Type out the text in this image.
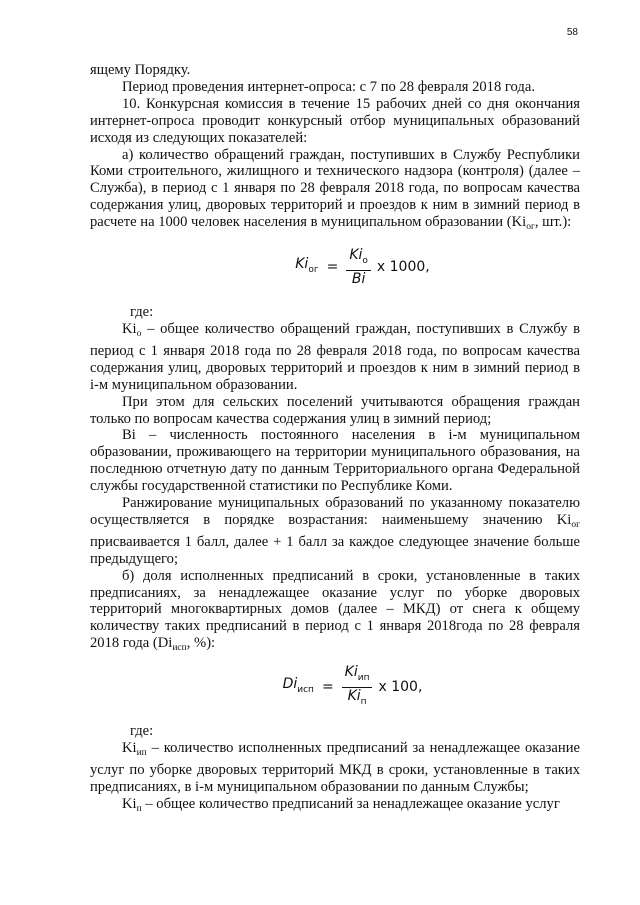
58

ящему Порядку.

Период проведения интернет-опроса: с 7 по 28 февраля 2018 года.

10. Конкурсная комиссия в течение 15 рабочих дней со дня окончания интернет-опроса проводит конкурсный отбор муниципальных образований исходя из следующих показателей:

а) количество обращений граждан, поступивших в Службу Республики Коми строительного, жилищного и технического надзора (контроля) (далее – Служба), в период с 1 января по 28 февраля 2018 года, по вопросам качества содержания улиц, дворовых территорий и проездов к ним в зимний период в расчете на 1000 человек населения в муниципальном образовании ($Ki_{ог}$, шт.):

$Ki_{ог} = \frac{Ki_о}{Bi}$ x 1000,

где:

$Ki_о$ – общее количество обращений граждан, поступивших в Службу в период с 1 января 2018 года по 28 февраля 2018 года, по вопросам качества содержания улиц, дворовых территорий и проездов к ним в зимний период в i-м муниципальном образовании.

При этом для сельских поселений учитываются обращения граждан только по вопросам качества содержания улиц в зимний период;

Bi – численность постоянного населения в i-м муниципальном образовании, проживающего на территории муниципального образования, на последнюю отчетную дату по данным Территориального органа Федеральной службы государственной статистики по Республике Коми.

Ранжирование муниципальных образований по указанному показателю осуществляется в порядке возрастания: наименьшему значению $Ki_{ог}$ присваивается 1 балл, далее + 1 балл за каждое следующее значение больше предыдущего;

б) доля исполненных предписаний в сроки, установленные в таких предписаниях, за ненадлежащее оказание услуг по уборке дворовых территорий многоквартирных домов (далее – МКД) от снега к общему количеству таких предписаний в период с 1 января 2018года по 28 февраля 2018 года ($Di_{исп}$, %):

$Di_{исп} = \frac{Ki_{ип}}{Ki_п}$ x 100,

где:

$Ki_{ип}$ – количество исполненных предписаний за ненадлежащее оказание услуг по уборке дворовых территорий МКД в сроки, установленные в таких предписаниях, в i-м муниципальном образовании по данным Службы;

$Ki_п$ – общее количество предписаний за ненадлежащее оказание услуг
